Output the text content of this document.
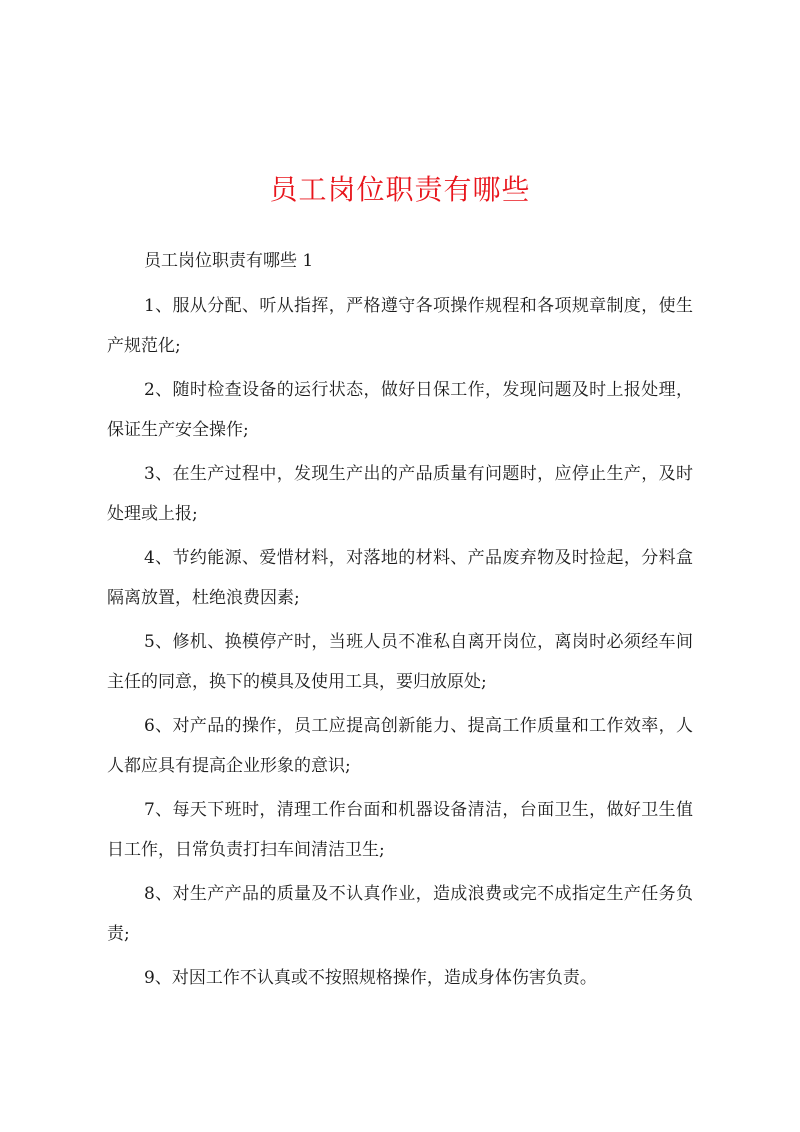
员工岗位职责有哪些

员工岗位职责有哪些 1

1、服从分配、听从指挥，严格遵守各项操作规程和各项规章制度，使生产规范化;

2、随时检查设备的运行状态，做好日保工作，发现问题及时上报处理，保证生产安全操作;

3、在生产过程中，发现生产出的产品质量有问题时，应停止生产，及时处理或上报;

4、节约能源、爱惜材料，对落地的材料、产品废弃物及时捡起，分料盒隔离放置，杜绝浪费因素;

5、修机、换模停产时，当班人员不准私自离开岗位，离岗时必须经车间主任的同意，换下的模具及使用工具，要归放原处;

6、对产品的操作，员工应提高创新能力、提高工作质量和工作效率，人人都应具有提高企业形象的意识;

7、每天下班时，清理工作台面和机器设备清洁，台面卫生，做好卫生值日工作，日常负责打扫车间清洁卫生;

8、对生产产品的质量及不认真作业，造成浪费或完不成指定生产任务负责;

9、对因工作不认真或不按照规格操作，造成身体伤害负责。
